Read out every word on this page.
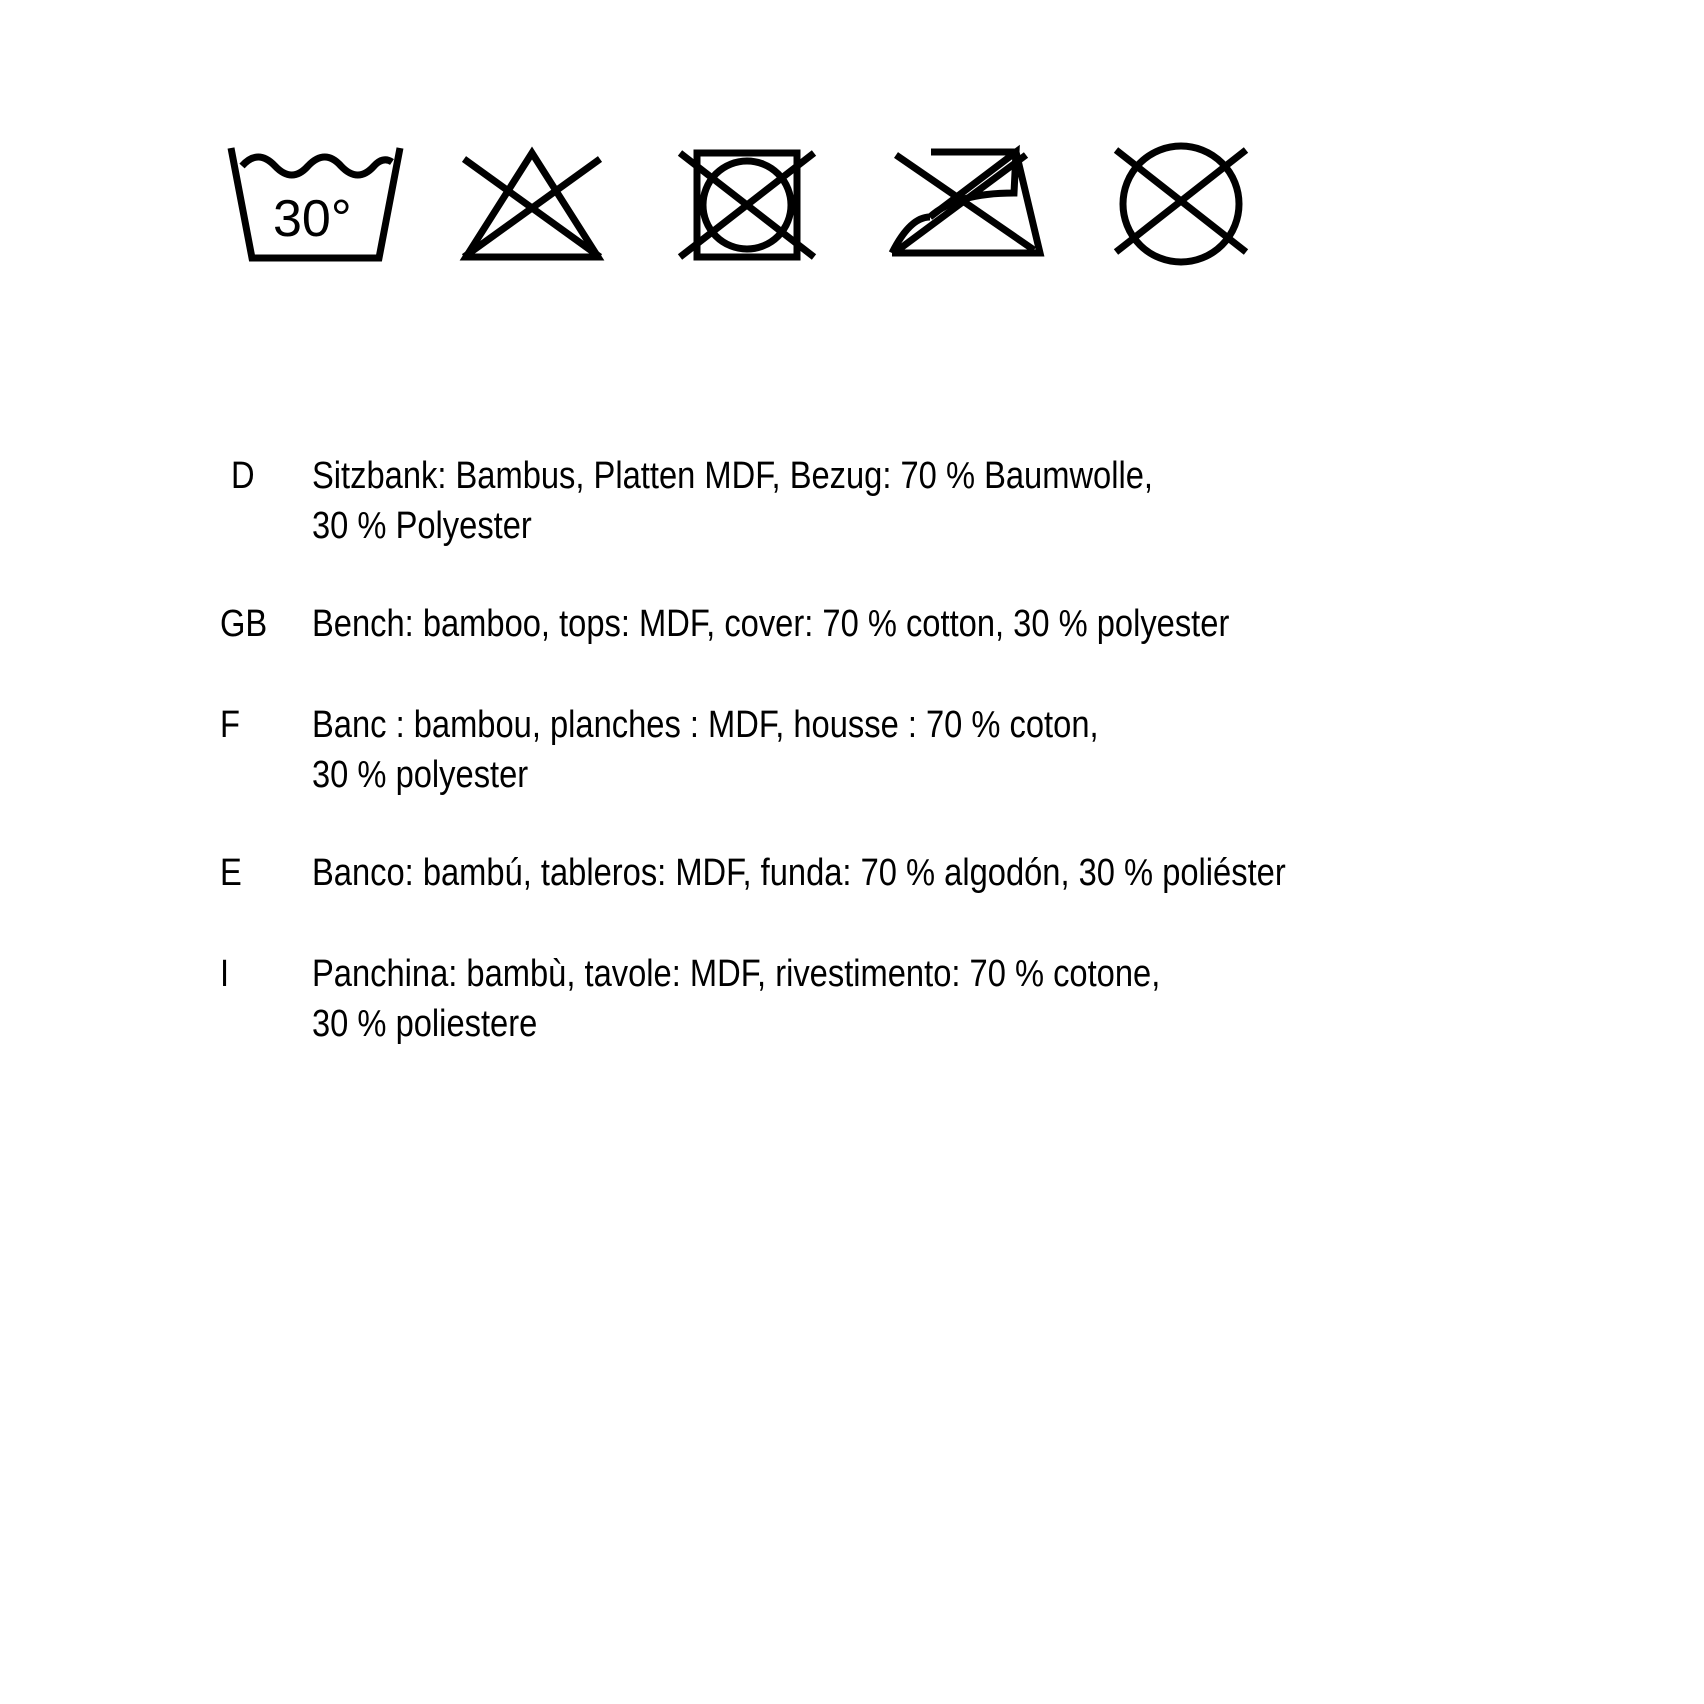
30°
D Sitzbank: Bambus, Platten MDF, Bezug: 70 % Baumwolle,
30 % Polyester
GB Bench: bamboo, tops: MDF, cover: 70 % cotton, 30 % polyester
F Banc : bambou, planches : MDF, housse : 70 % coton,
30 % polyester
E Banco: bambú, tableros: MDF, funda: 70 % algodón, 30 % poliéster
I Panchina: bambù, tavole: MDF, rivestimento: 70 % cotone,
30 % poliestere
